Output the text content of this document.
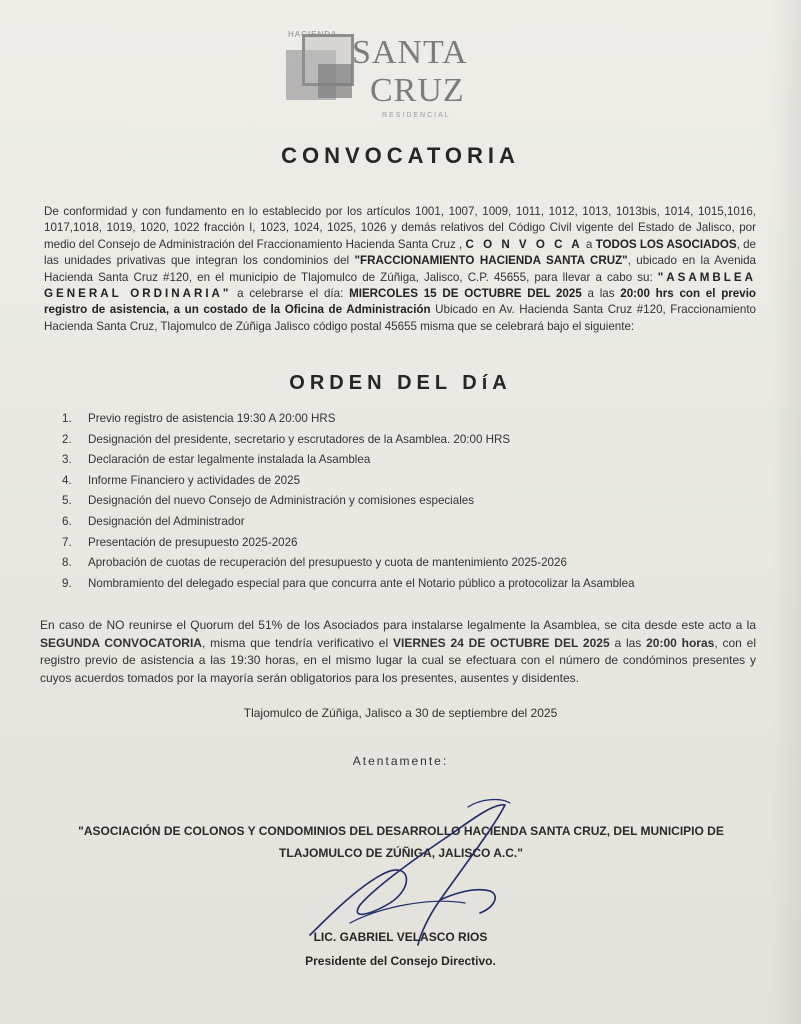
HACIENDA SANTA
CRUZ
RESIDENCIAL
CONVOCATORIA
De conformidad y con fundamento en lo establecido por los artículos 1001, 1007, 1009, 1011, 1012, 1013, 1013bis, 1014, 1015,1016, 1017,1018, 1019, 1020, 1022 fracción I, 1023, 1024, 1025, 1026 y demás relativos del Código Civil vigente del Estado de Jalisco, por medio del Consejo de Administración del Fraccionamiento Hacienda Santa Cruz , C O N V O C A a TODOS LOS ASOCIADOS, de las unidades privativas que integran los condominios del "FRACCIONAMIENTO HACIENDA SANTA CRUZ", ubicado en la Avenida Hacienda Santa Cruz #120, en el municipio de Tlajomulco de Zúñiga, Jalisco, C.P. 45655, para llevar a cabo su: "ASAMBLEA GENERAL ORDINARIA" a celebrarse el día: MIERCOLES 15 DE OCTUBRE DEL 2025 a las 20:00 hrs con el previo registro de asistencia, a un costado de la Oficina de Administración Ubicado en Av. Hacienda Santa Cruz #120, Fraccionamiento Hacienda Santa Cruz, Tlajomulco de Zúñiga Jalisco código postal 45655 misma que se celebrará bajo el siguiente:
ORDEN DEL DíA
1.	Previo registro de asistencia 19:30 A 20:00 HRS
2.	Designación del presidente, secretario y escrutadores de la Asamblea. 20:00 HRS
3.	Declaración de estar legalmente instalada la Asamblea
4.	Informe Financiero y actividades de 2025
5.	Designación del nuevo Consejo de Administración y comisiones especiales
6.	Designación del Administrador
7.	Presentación de presupuesto 2025-2026
8.	Aprobación de cuotas de recuperación del presupuesto y cuota de mantenimiento 2025-2026
9.	Nombramiento del delegado especial para que concurra ante el Notario público a protocolizar la Asamblea
En caso de NO reunirse el Quorum del 51% de los Asociados para instalarse legalmente la Asamblea, se cita desde este acto a la SEGUNDA CONVOCATORIA, misma que tendría verificativo el VIERNES 24 DE OCTUBRE DEL 2025 a las 20:00 horas, con el registro previo de asistencia a las 19:30 horas, en el mismo lugar la cual se efectuara con el número de condóminos presentes y cuyos acuerdos tomados por la mayoría serán obligatorios para los presentes, ausentes y disidentes.
Tlajomulco de Zúñiga, Jalisco a 30 de septiembre del 2025
Atentamente:
"ASOCIACIÓN DE COLONOS Y CONDOMINIOS DEL DESARROLLO HACIENDA SANTA CRUZ, DEL MUNICIPIO DE
TLAJOMULCO DE ZÚÑIGA, JALISCO A.C."
LIC. GABRIEL VELASCO RIOS
Presidente del Consejo Directivo.
